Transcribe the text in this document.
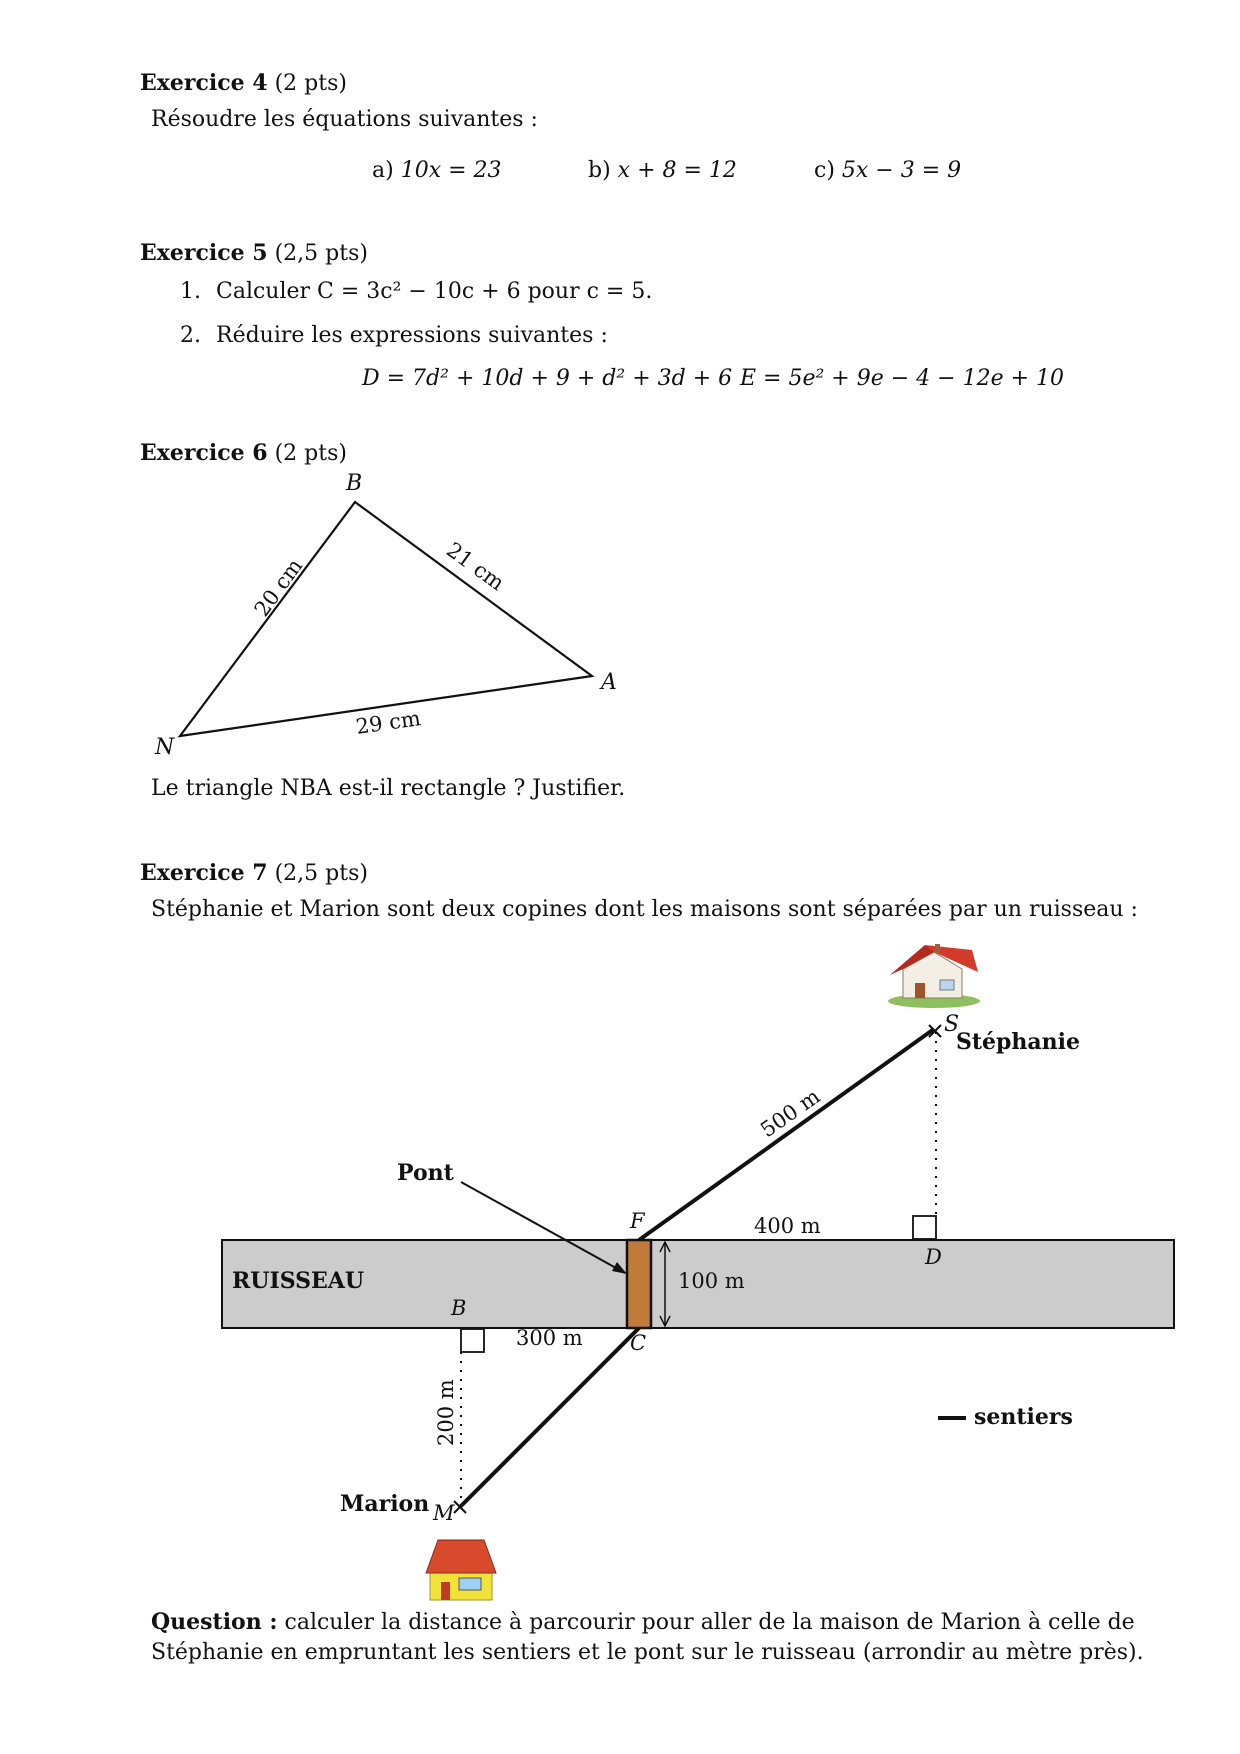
Exercice 4 (2 pts)
Résoudre les équations suivantes :
a) 10x = 23	b) x + 8 = 12	c) 5x − 3 = 9
Exercice 5 (2,5 pts)
1. Calculer C = 3c² − 10c + 6 pour c = 5.
2. Réduire les expressions suivantes :
D = 7d² + 10d + 9 + d² + 3d + 6 E = 5e² + 9e − 4 − 12e + 10
Exercice 6 (2 pts)
B
A
N
20 cm	21 cm
29 cm
Le triangle NBA est-il rectangle ? Justifier.
Exercice 7 (2,5 pts)
Stéphanie et Marion sont deux copines dont les maisons sont séparées par un ruisseau :
S
Stéphanie
500 m
Pont
F	400 m
D
RUISSEAU	100 m
B
300 m C
200 m	sentiers
Marion M
Question : calculer la distance à parcourir pour aller de la maison de Marion à celle de Stéphanie en empruntant les sentiers et le pont sur le ruisseau (arrondir au mètre près).
